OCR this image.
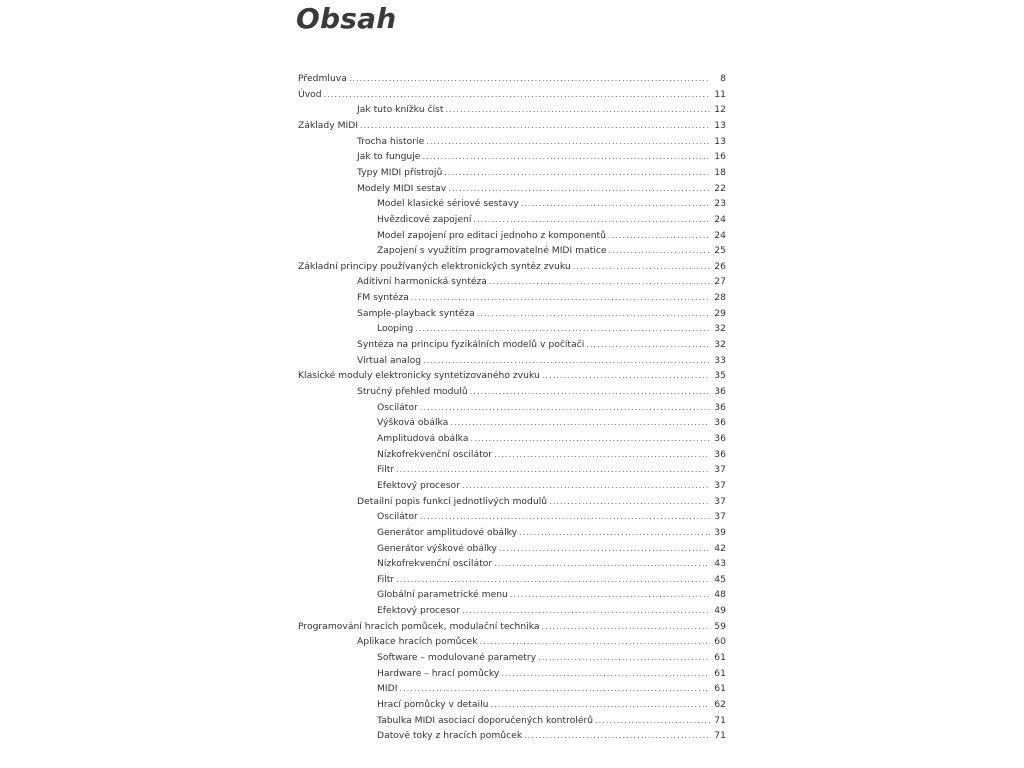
Obsah
Předmluva .....	8
Úvod .....	11
Jak tuto knížku číst .....	12
Základy MIDI .....	13
Trocha historie .....	13
Jak to funguje .....	16
Typy MIDI přístrojů .....	18
Modely MIDI sestav .....	22
Model klasické sériové sestavy .....	23
Hvězdicové zapojení .....	24
Model zapojení pro editaci jednoho z komponentů .....	24
Zapojení s využitím programovatelné MIDI matice .....	25
Základní principy používaných elektronických syntéz zvuku .....	26
Aditivní harmonická syntéza .....	27
FM syntéza .....	28
Sample-playback syntéza .....	29
Looping .....	32
Syntéza na principu fyzikálních modelů v počítači .....	32
Virtual analog .....	33
Klasické moduly elektronicky syntetizovaného zvuku .....	35
Stručný přehled modulů .....	36
Oscilátor .....	36
Výšková obálka .....	36
Amplitudová obálka .....	36
Nízkofrekvenční oscilátor .....	36
Filtr .....	37
Efektový procesor .....	37
Detailní popis funkcí jednotlivých modulů .....	37
Oscilátor .....	37
Generátor amplitudové obálky .....	39
Generátor výškové obálky .....	42
Nízkofrekvenční oscilátor .....	43
Filtr .....	45
Globální parametrické menu .....	48
Efektový procesor .....	49
Programování hracích pomůcek, modulační technika .....	59
Aplikace hracích pomůcek .....	60
Software – modulované parametry .....	61
Hardware – hrací pomůcky .....	61
MIDI .....	61
Hrací pomůcky v detailu .....	62
Tabulka MIDI asociací doporučených kontrolérů .....	71
Datové toky z hracích pomůcek .....	71
